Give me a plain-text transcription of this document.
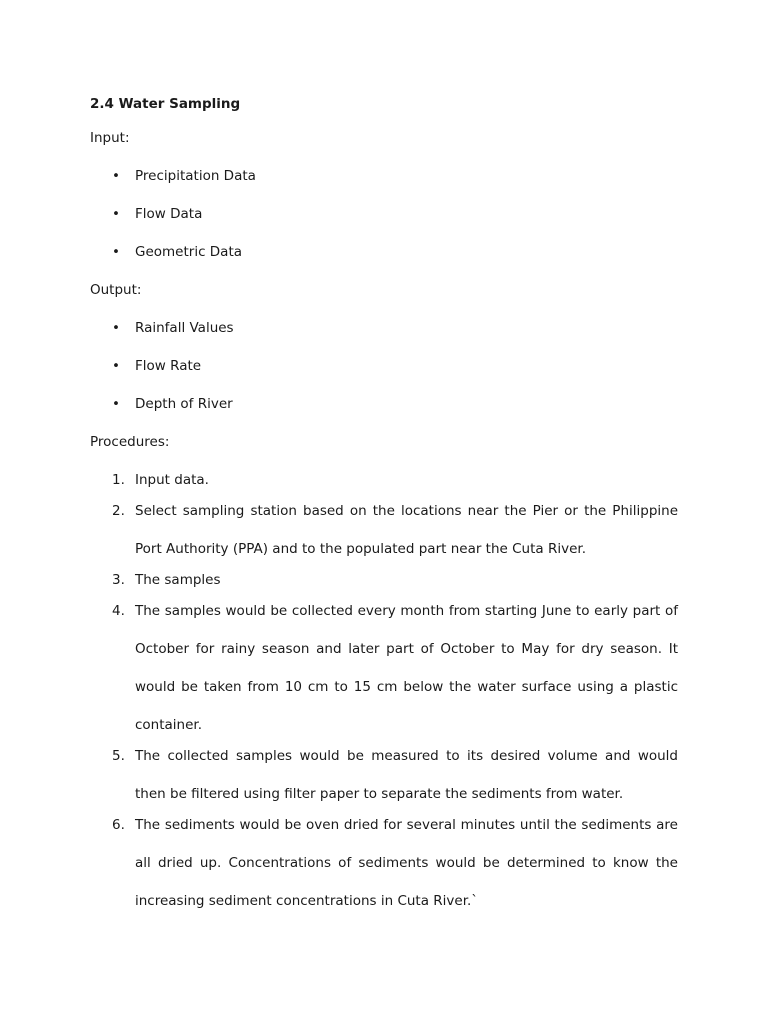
2.4 Water Sampling
Input:
• Precipitation Data
• Flow Data
• Geometric Data
Output:
• Rainfall Values
• Flow Rate
• Depth of River
Procedures:
1. Input data.
2. Select sampling station based on the locations near the Pier or the Philippine Port Authority (PPA) and to the populated part near the Cuta River.
3. The samples
4. The samples would be collected every month from starting June to early part of October for rainy season and later part of October to May for dry season. It would be taken from 10 cm to 15 cm below the water surface using a plastic container.
5. The collected samples would be measured to its desired volume and would then be filtered using filter paper to separate the sediments from water.
6. The sediments would be oven dried for several minutes until the sediments are all dried up. Concentrations of sediments would be determined to know the increasing sediment concentrations in Cuta River.`
